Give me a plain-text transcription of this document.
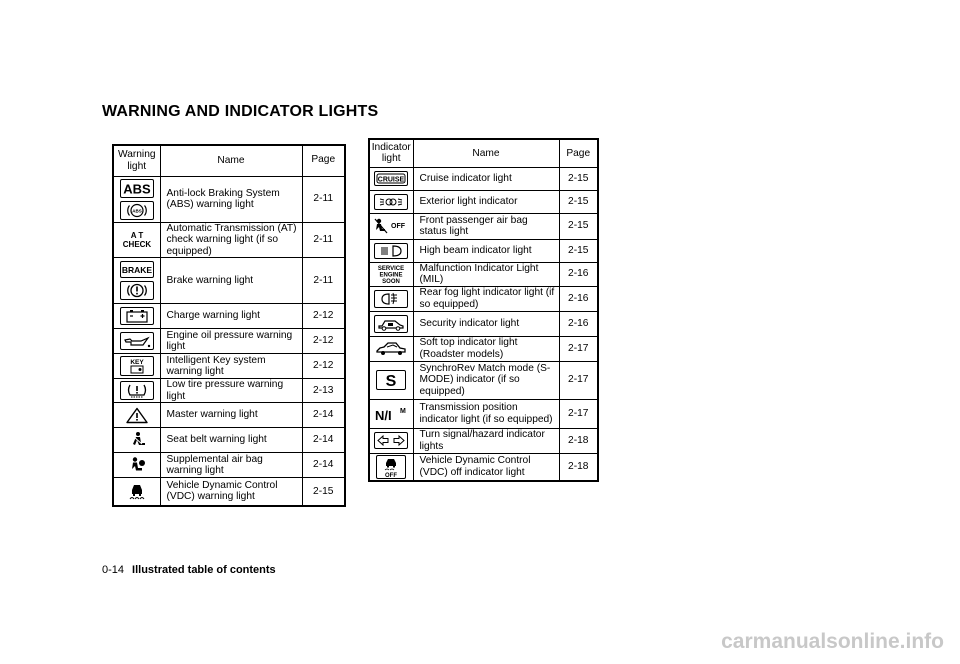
WARNING AND INDICATOR LIGHTS
Warning light	Name	Page

ABS
ABS	Anti-lock Braking System (ABS) warning light	2-11

A T
CHECK	Automatic Transmission (AT) check warning light (if so equipped)	2-11

BRAKE	Brake warning light	2-11

	Charge warning light	2-12

	Engine oil pressure warning light	2-12

KEY	Intelligent Key system warning light	2-12

	Low tire pressure warning light	2-13

	Master warning light	2-14

	Seat belt warning light	2-14

	Supplemental air bag warning light	2-14

	Vehicle Dynamic Control (VDC) warning light	2-15
Indicator light	Name	Page

CRUISE	Cruise indicator light	2-15

	Exterior light indicator	2-15

OFF	Front passenger air bag status light	2-15

	High beam indicator light	2-15

SERVICE
ENGINE
SOON	Malfunction Indicator Light (MIL)	2-16

	Rear fog light indicator light (if so equipped)	2-16

	Security indicator light	2-16

	Soft top indicator light (Roadster models)	2-17

S	SynchroRev Match mode (S-MODE) indicator (if so equipped)	2-17

N/I M	Transmission position indicator light (if so equipped)	2-17

	Turn signal/hazard indicator lights	2-18

OFF	Vehicle Dynamic Control (VDC) off indicator light	2-18
0-14 Illustrated table of contents
carmanualsonline.info
